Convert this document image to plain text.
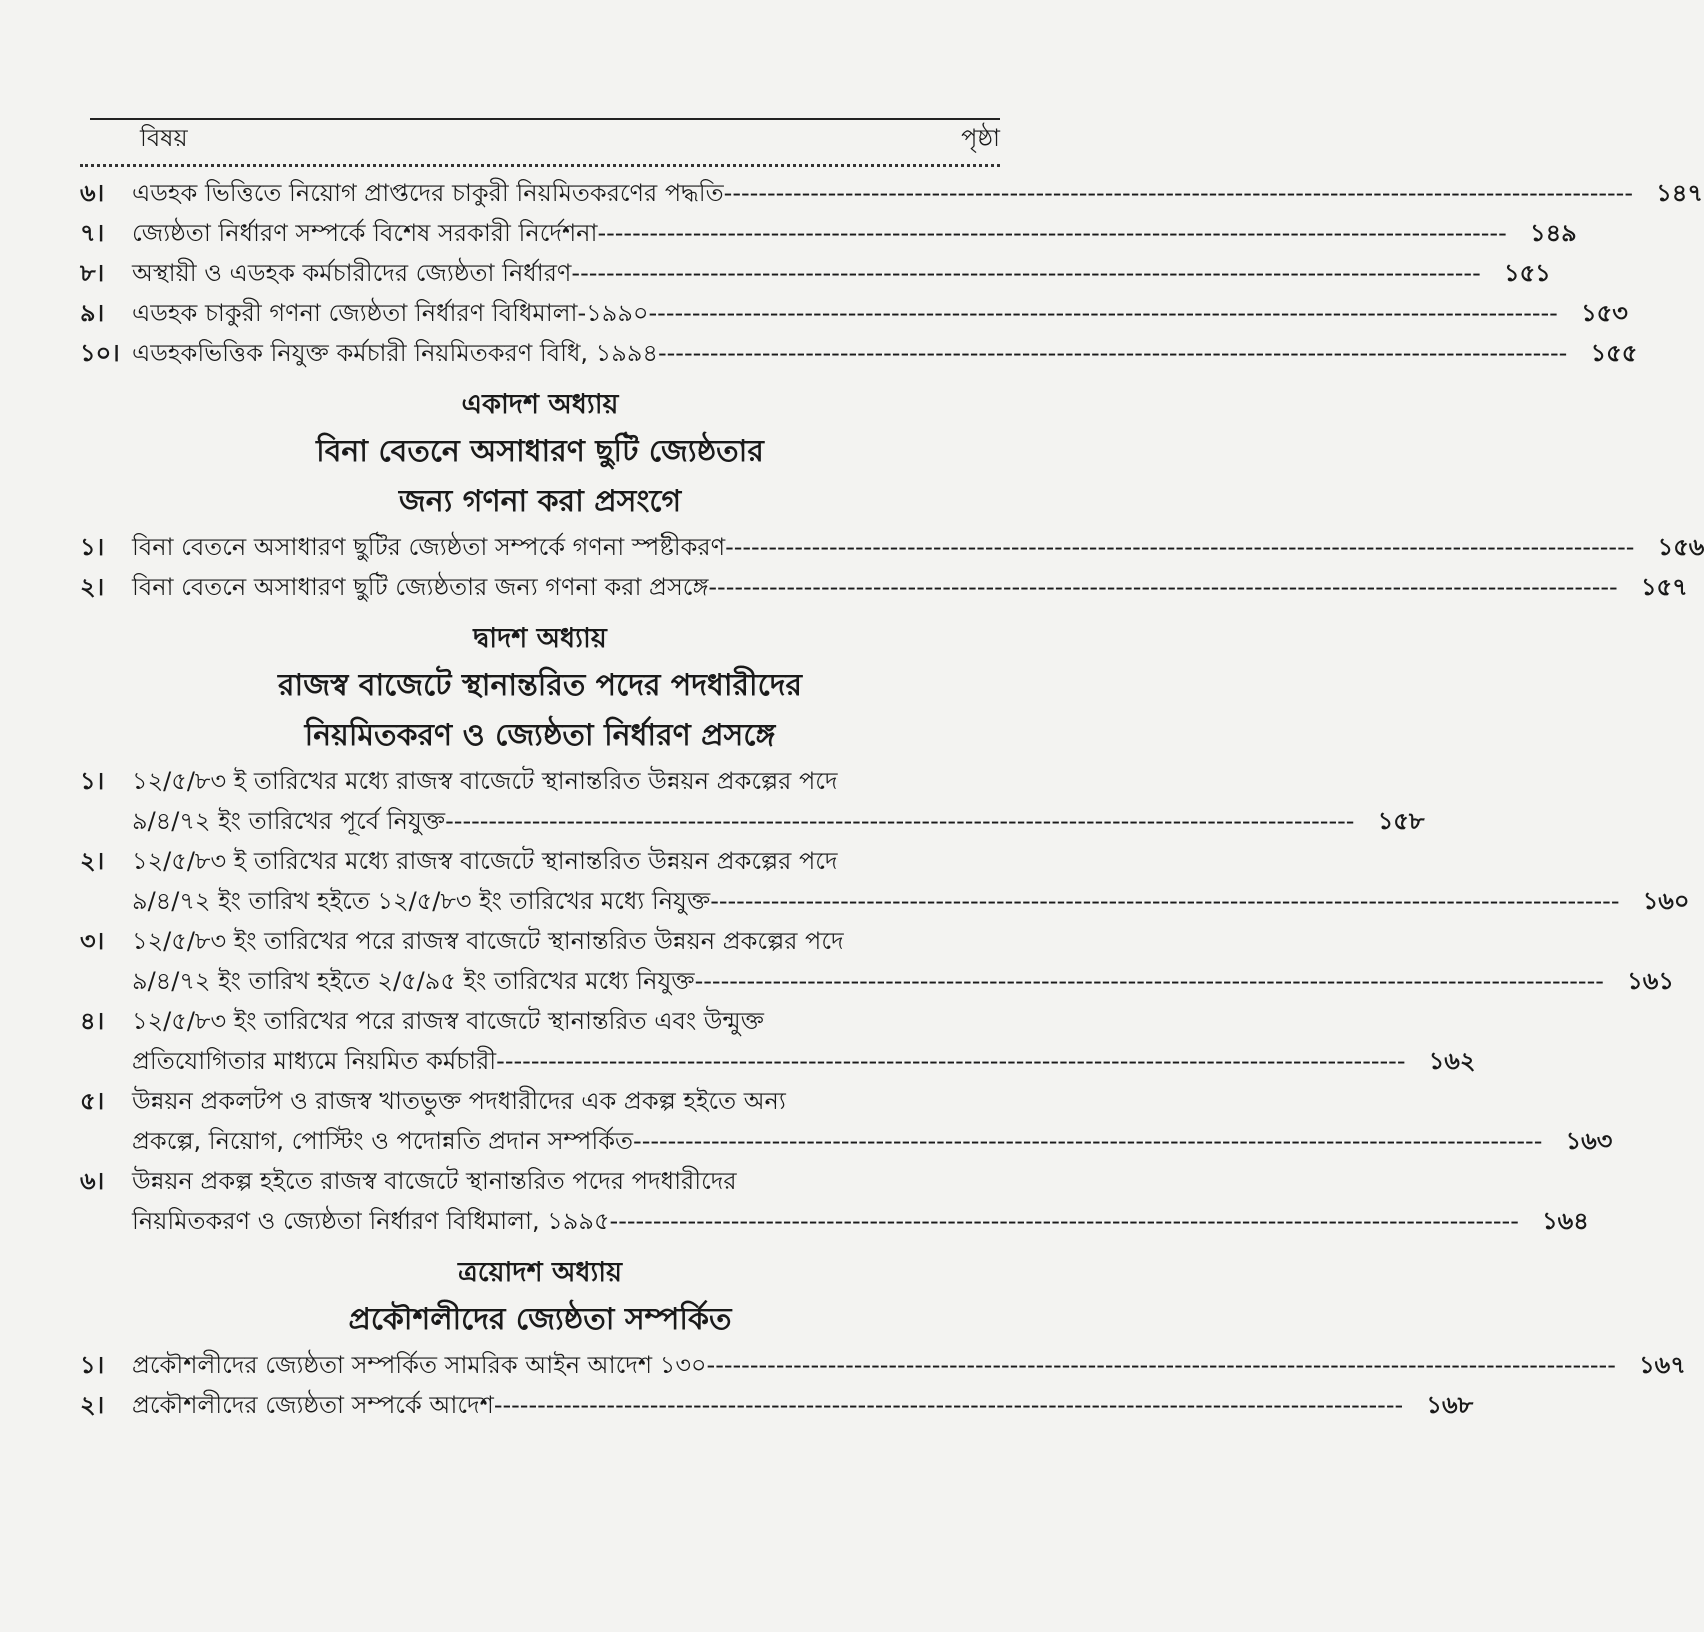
বিষয়	পৃষ্ঠা
৬।	এডহক ভিত্তিতে নিয়োগ প্রাপ্তদের চাকুরী নিয়মিতকরণের পদ্ধতি -----	১৪৭
৭।	জ্যেষ্ঠতা নির্ধারণ সম্পর্কে বিশেষ সরকারী নির্দেশনা -----	১৪৯
৮।	অস্থায়ী ও এডহক কর্মচারীদের জ্যেষ্ঠতা নির্ধারণ -----	১৫১
৯।	এডহক চাকুরী গণনা জ্যেষ্ঠতা নির্ধারণ বিধিমালা-১৯৯০ -----	১৫৩
১০। এডহকভিত্তিক নিযুক্ত কর্মচারী নিয়মিতকরণ বিধি, ১৯৯৪ -----	১৫৫
একাদশ অধ্যায়
বিনা বেতনে অসাধারণ ছুটি জ্যেষ্ঠতার
জন্য গণনা করা প্রসংগে
১।	বিনা বেতনে অসাধারণ ছুটির জ্যেষ্ঠতা সম্পর্কে গণনা স্পষ্টীকরণ -----	১৫৬
২।	বিনা বেতনে অসাধারণ ছুটি জ্যেষ্ঠতার জন্য গণনা করা প্রসঙ্গে -----	১৫৭
দ্বাদশ অধ্যায়
রাজস্ব বাজেটে স্থানান্তরিত পদের পদধারীদের
নিয়মিতকরণ ও জ্যেষ্ঠতা নির্ধারণ প্রসঙ্গে
১।	১২/৫/৮৩ ই তারিখের মধ্যে রাজস্ব বাজেটে স্থানান্তরিত উন্নয়ন প্রকল্পের পদে
৯/৪/৭২ ইং তারিখের পূর্বে নিযুক্ত -----	১৫৮
২।	১২/৫/৮৩ ই তারিখের মধ্যে রাজস্ব বাজেটে স্থানান্তরিত উন্নয়ন প্রকল্পের পদে
৯/৪/৭২ ইং তারিখ হইতে ১২/৫/৮৩ ইং তারিখের মধ্যে নিযুক্ত -----	১৬০
৩।	১২/৫/৮৩ ইং তারিখের পরে রাজস্ব বাজেটে স্থানান্তরিত উন্নয়ন প্রকল্পের পদে
৯/৪/৭২ ইং তারিখ হইতে ২/৫/৯৫ ইং তারিখের মধ্যে নিযুক্ত -----	১৬১
৪।	১২/৫/৮৩ ইং তারিখের পরে রাজস্ব বাজেটে স্থানান্তরিত এবং উন্মুক্ত
প্রতিযোগিতার মাধ্যমে নিয়মিত কর্মচারী -----	১৬২
৫।	উন্নয়ন প্রকলটপ ও রাজস্ব খাতভুক্ত পদধারীদের এক প্রকল্প হইতে অন্য
প্রকল্পে, নিয়োগ, পোস্টিং ও পদোন্নতি প্রদান সম্পর্কিত -----	১৬৩
৬।	উন্নয়ন প্রকল্প হইতে রাজস্ব বাজেটে স্থানান্তরিত পদের পদধারীদের
নিয়মিতকরণ ও জ্যেষ্ঠতা নির্ধারণ বিধিমালা, ১৯৯৫ -----	১৬৪
ত্রয়োদশ অধ্যায়
প্রকৌশলীদের জ্যেষ্ঠতা সম্পর্কিত
১।	প্রকৌশলীদের জ্যেষ্ঠতা সম্পর্কিত সামরিক আইন আদেশ ১৩০ -----	১৬৭
২।	প্রকৌশলীদের জ্যেষ্ঠতা সম্পর্কে আদেশ -----	১৬৮
